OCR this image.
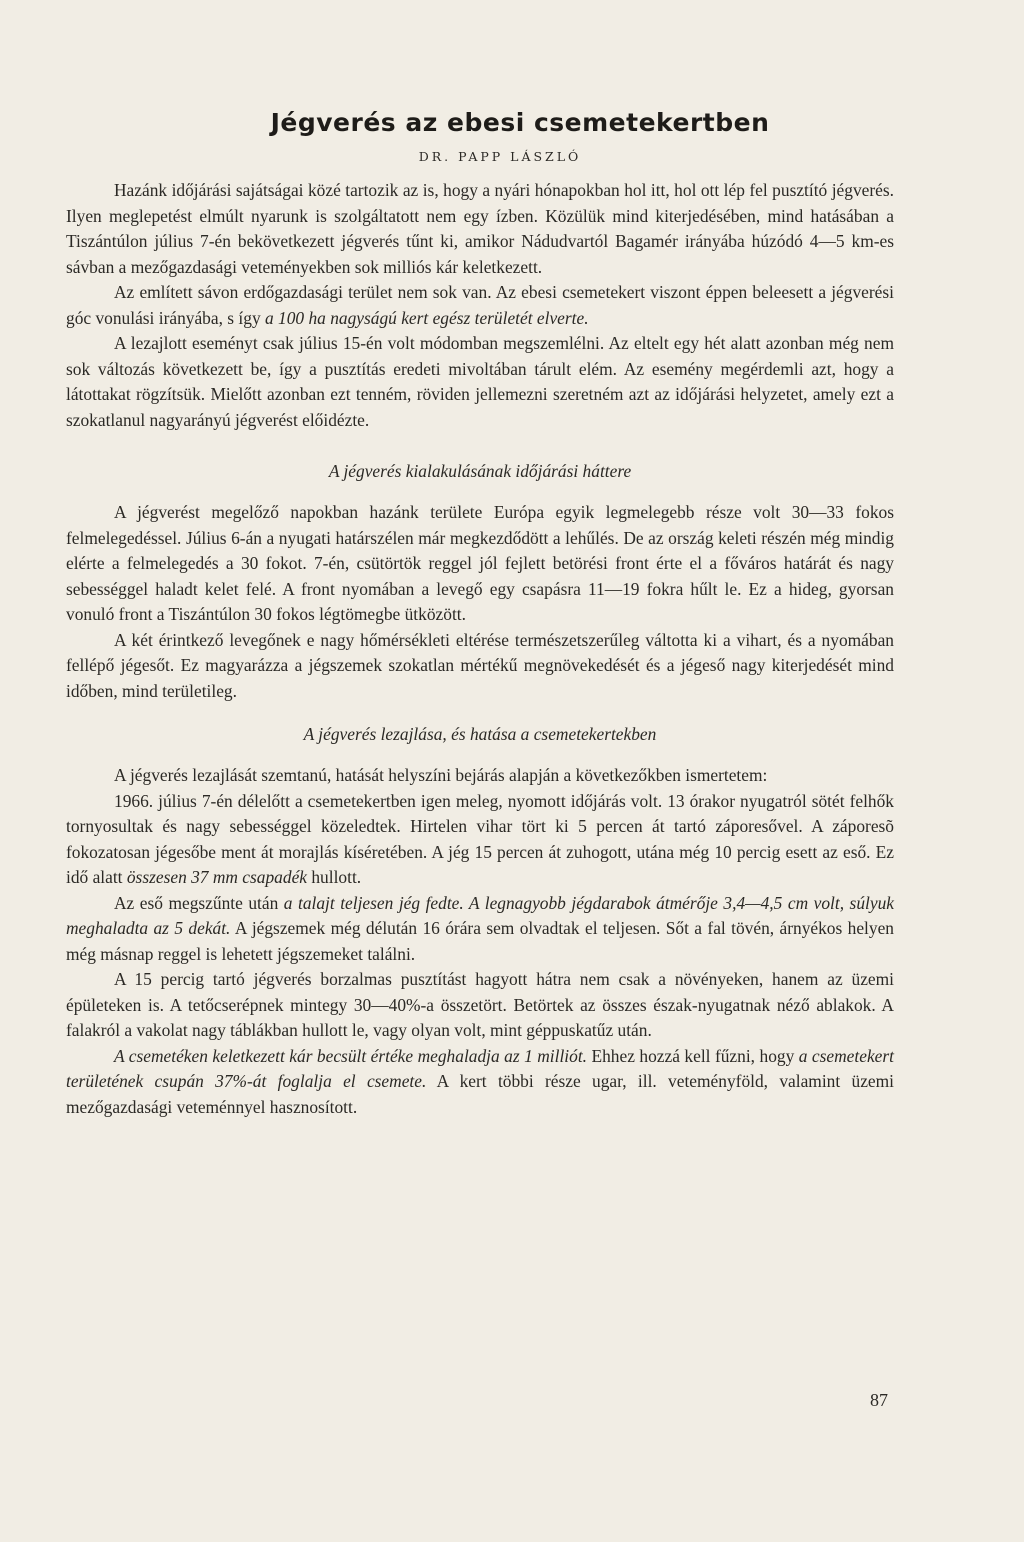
Jégverés az ebesi csemetekertben
DR. PAPP LÁSZLÓ

Hazánk időjárási sajátságai közé tartozik az is, hogy a nyári hónapokban hol itt, hol ott lép fel pusztító jégverés. Ilyen meglepetést elmúlt nyarunk is szolgáltatott nem egy ízben. Közülük mind kiterjedésében, mind hatásában a Tiszántúlon július 7-én bekövetkezett jégverés tűnt ki, amikor Nádudvartól Bagamér irányába húzódó 4—5 km-es sávban a mezőgazdasági veteményekben sok milliós kár keletkezett.

Az említett sávon erdőgazdasági terület nem sok van. Az ebesi csemetekert viszont éppen beleesett a jégverési góc vonulási irányába, s így a 100 ha nagyságú kert egész területét elverte.

A lezajlott eseményt csak július 15-én volt módomban megszemlélni. Az eltelt egy hét alatt azonban még nem sok változás következett be, így a pusztítás eredeti mivoltában tárult elém. Az esemény megérdemli azt, hogy a látottakat rögzítsük. Mielőtt azonban ezt tenném, röviden jellemezni szeretném azt az időjárási helyzetet, amely ezt a szokatlanul nagyarányú jégverést előidézte.

A jégverés kialakulásának időjárási háttere

A jégverést megelőző napokban hazánk területe Európa egyik legmelegebb része volt 30—33 fokos felmelegedéssel. Július 6-án a nyugati határszélen már megkezdődött a lehűlés. De az ország keleti részén még mindig elérte a felmelegedés a 30 fokot. 7-én, csütörtök reggel jól fejlett betörési front érte el a főváros határát és nagy sebességgel haladt kelet felé. A front nyomában a levegő egy csapásra 11—19 fokra hűlt le. Ez a hideg, gyorsan vonuló front a Tiszántúlon 30 fokos légtömegbe ütközött.

A két érintkező levegőnek e nagy hőmérsékleti eltérése természetszerűleg váltotta ki a vihart, és a nyomában fellépő jégesőt. Ez magyarázza a jégszemek szokatlan mértékű megnövekedését és a jégeső nagy kiterjedését mind időben, mind területileg.

A jégverés lezajlása, és hatása a csemetekertekben

A jégverés lezajlását szemtanú, hatását helyszíni bejárás alapján a következőkben ismertetem:

1966. július 7-én délelőtt a csemetekertben igen meleg, nyomott időjárás volt. 13 órakor nyugatról sötét felhők tornyosultak és nagy sebességgel közeledtek. Hirtelen vihar tört ki 5 percen át tartó záporesővel. A záporesõ fokozatosan jégesőbe ment át morajlás kíséretében. A jég 15 percen át zuhogott, utána még 10 percig esett az eső. Ez idő alatt összesen 37 mm csapadék hullott.

Az eső megszűnte után a talajt teljesen jég fedte. A legnagyobb jégdarabok átmérője 3,4—4,5 cm volt, súlyuk meghaladta az 5 dekát. A jégszemek még délután 16 órára sem olvadtak el teljesen. Sőt a fal tövén, árnyékos helyen még másnap reggel is lehetett jégszemeket találni.

A 15 percig tartó jégverés borzalmas pusztítást hagyott hátra nem csak a növényeken, hanem az üzemi épületeken is. A tetőcserépnek mintegy 30—40%-a összetört. Betörtek az összes észak-nyugatnak néző ablakok. A falakról a vakolat nagy táblákban hullott le, vagy olyan volt, mint géppuskatűz után.

A csemetéken keletkezett kár becsült értéke meghaladja az 1 milliót. Ehhez hozzá kell fűzni, hogy a csemetekert területének csupán 37%-át foglalja el csemete. A kert többi része ugar, ill. veteményföld, valamint üzemi mezőgazdasági veteménnyel hasznosított.

87
